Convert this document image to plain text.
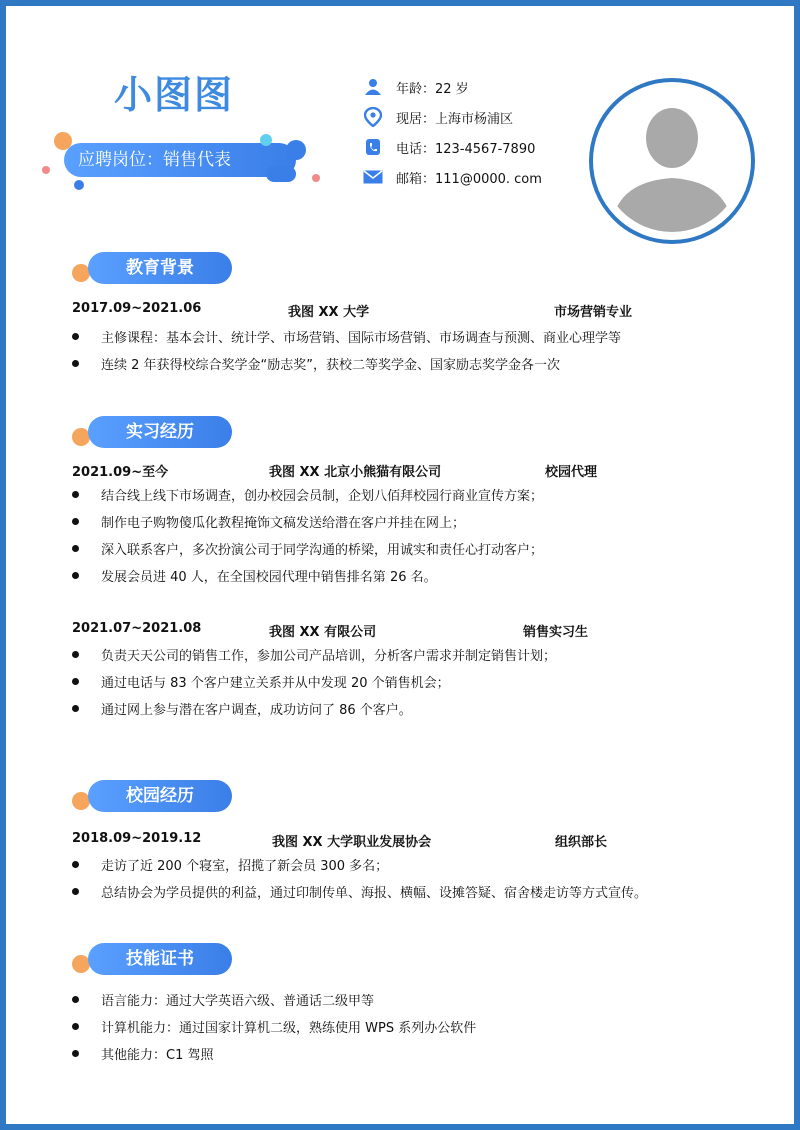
小图图
应聘岗位：销售代表
年龄：22 岁
现居：上海市杨浦区
电话：123-4567-7890
邮箱：111@0000. com
教育背景
2017.09~2021.06	我图 XX 大学	市场营销专业
主修课程：基本会计、统计学、市场营销、国际市场营销、市场调查与预测、商业心理学等
连续 2 年获得校综合奖学金“励志奖”，获校二等奖学金、国家励志奖学金各一次
实习经历
2021.09~至今	我图 XX 北京小熊猫有限公司	校园代理
结合线上线下市场调查，创办校园会员制，企划八佰拜校园行商业宣传方案；
制作电子购物傻瓜化教程掩饰文稿发送给潜在客户并挂在网上；
深入联系客户，多次扮演公司于同学沟通的桥梁，用诚实和责任心打动客户；
发展会员进 40 人，在全国校园代理中销售排名第 26 名。
2021.07~2021.08	我图 XX 有限公司	销售实习生
负责天天公司的销售工作，参加公司产品培训，分析客户需求并制定销售计划；
通过电话与 83 个客户建立关系并从中发现 20 个销售机会；
通过网上参与潜在客户调查，成功访问了 86 个客户。
校园经历
2018.09~2019.12	我图 XX 大学职业发展协会	组织部长
走访了近 200 个寝室，招揽了新会员 300 多名；
总结协会为学员提供的利益，通过印制传单、海报、横幅、设摊答疑、宿舍楼走访等方式宣传。
技能证书
语言能力：通过大学英语六级、普通话二级甲等
计算机能力：通过国家计算机二级，熟练使用 WPS 系列办公软件
其他能力：C1 驾照
